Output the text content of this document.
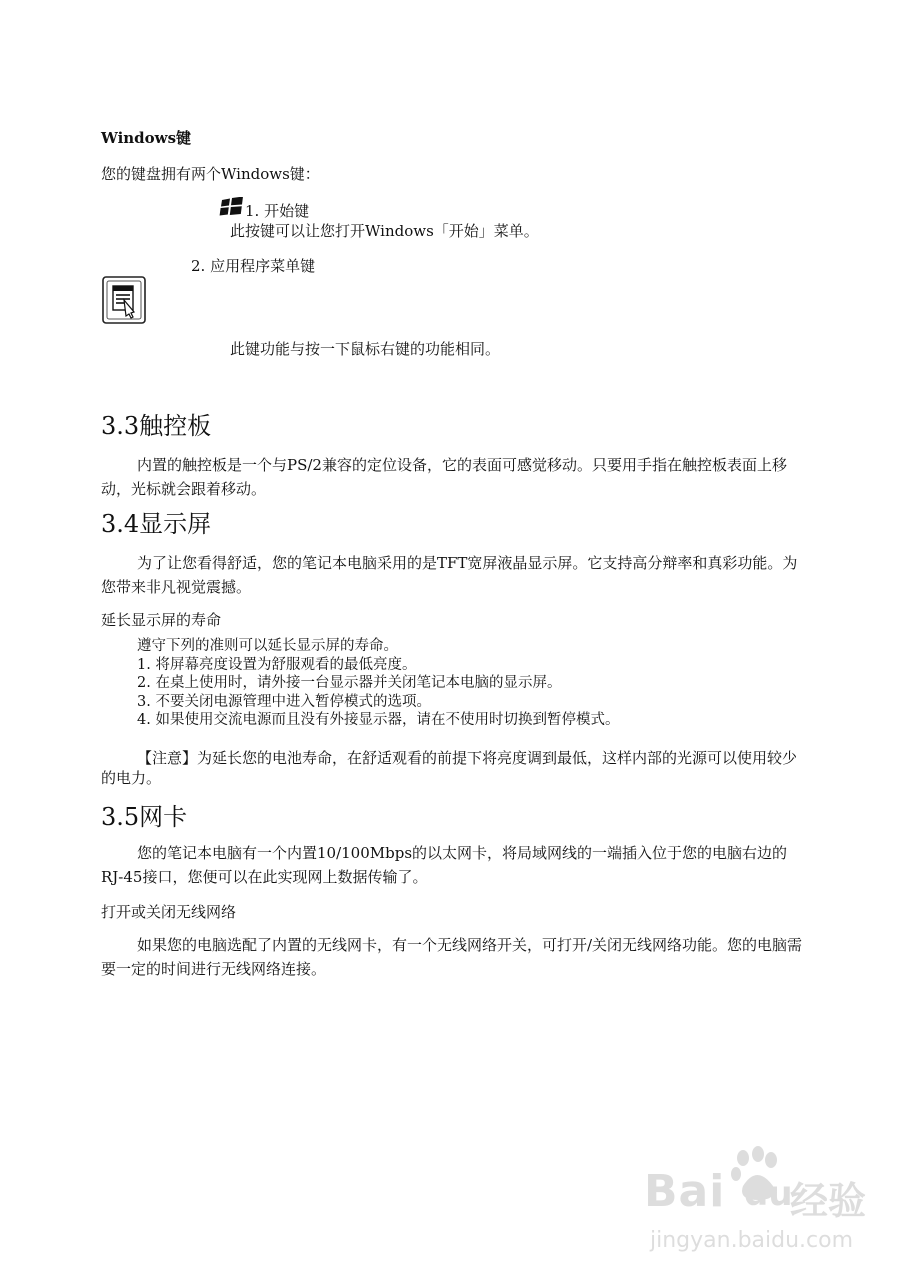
Windows键
您的键盘拥有两个Windows键：
1. 开始键
此按键可以让您打开Windows「开始」菜单。
2. 应用程序菜单键
此键功能与按一下鼠标右键的功能相同。
3.3触控板
内置的触控板是一个与PS/2兼容的定位设备，它的表面可感觉移动。只要用手指在触控板表面上移动，光标就会跟着移动。
3.4显示屏
为了让您看得舒适，您的笔记本电脑采用的是TFT宽屏液晶显示屏。它支持高分辩率和真彩功能。为您带来非凡视觉震撼。
延长显示屏的寿命
遵守下列的准则可以延长显示屏的寿命。
1. 将屏幕亮度设置为舒服观看的最低亮度。
2. 在桌上使用时，请外接一台显示器并关闭笔记本电脑的显示屏。
3. 不要关闭电源管理中进入暂停模式的选项。
4. 如果使用交流电源而且没有外接显示器，请在不使用时切换到暂停模式。
【注意】为延长您的电池寿命，在舒适观看的前提下将亮度调到最低，这样内部的光源可以使用较少的电力。
3.5网卡
您的笔记本电脑有一个内置10/100Mbps的以太网卡，将局域网线的一端插入位于您的电脑右边的RJ-45接口，您便可以在此实现网上数据传输了。
打开或关闭无线网络
如果您的电脑选配了内置的无线网卡，有一个无线网络开关，可打开/关闭无线网络功能。您的电脑需要一定的时间进行无线网络连接。
Bai du
经验
jingyan.baidu.com
